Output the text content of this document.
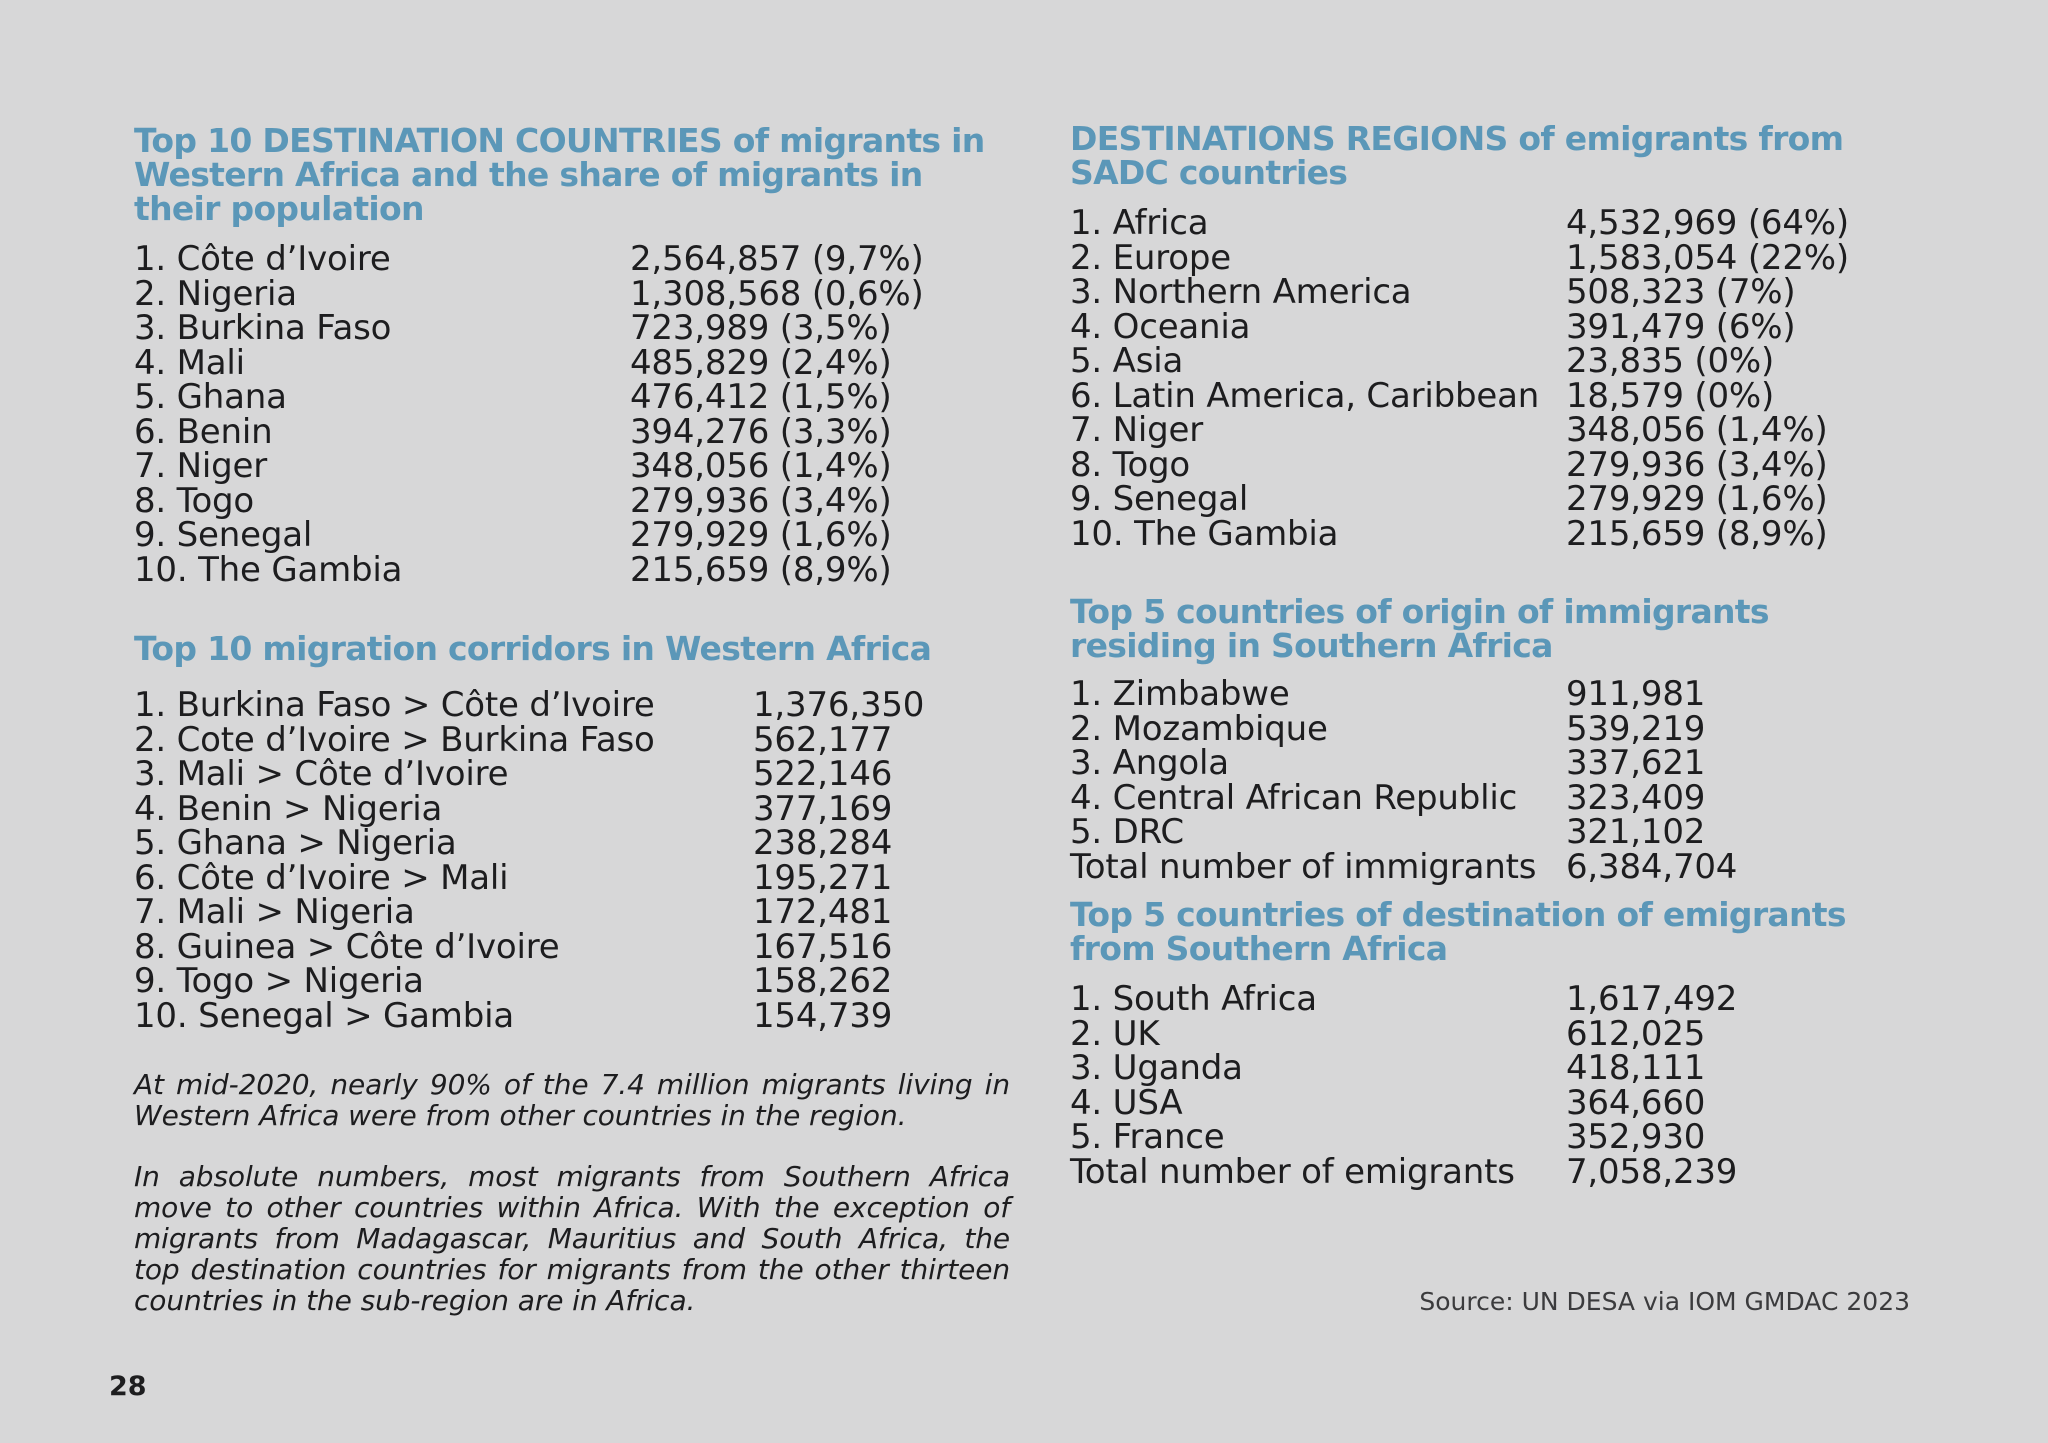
Top 10 DESTINATION COUNTRIES of migrants in Western Africa and the share of migrants in their population
1. Côte d’Ivoire	2,564,857 (9,7%)
2. Nigeria	1,308,568 (0,6%)
3. Burkina Faso	723,989 (3,5%)
4. Mali	485,829 (2,4%)
5. Ghana	476,412 (1,5%)
6. Benin	394,276 (3,3%)
7. Niger	348,056 (1,4%)
8. Togo	279,936 (3,4%)
9. Senegal	279,929 (1,6%)
10. The Gambia	215,659 (8,9%)
Top 10 migration corridors in Western Africa
1. Burkina Faso > Côte d’Ivoire	1,376,350
2. Cote d’Ivoire > Burkina Faso	562,177
3. Mali > Côte d’Ivoire	522,146
4. Benin > Nigeria	377,169
5. Ghana > Nigeria	238,284
6. Côte d’Ivoire > Mali	195,271
7. Mali > Nigeria	172,481
8. Guinea > Côte d’Ivoire	167,516
9. Togo > Nigeria	158,262
10. Senegal > Gambia	154,739

At mid-2020, nearly 90% of the 7.4 million migrants living in Western Africa were from other countries in the region.

In absolute numbers, most migrants from Southern Africa move to other countries within Africa. With the exception of migrants from Madagascar, Mauritius and South Africa, the top destination countries for migrants from the other thirteen countries in the sub-region are in Africa.

DESTINATIONS REGIONS of emigrants from SADC countries
1. Africa	4,532,969 (64%)
2. Europe	1,583,054 (22%)
3. Northern America	508,323 (7%)
4. Oceania	391,479 (6%)
5. Asia	23,835 (0%)
6. Latin America, Caribbean	18,579 (0%)
7. Niger	348,056 (1,4%)
8. Togo	279,936 (3,4%)
9. Senegal	279,929 (1,6%)
10. The Gambia	215,659 (8,9%)
Top 5 countries of origin of immigrants residing in Southern Africa
1. Zimbabwe	911,981
2. Mozambique	539,219
3. Angola	337,621
4. Central African Republic	323,409
5. DRC	321,102
Total number of immigrants	6,384,704
Top 5 countries of destination of emigrants from Southern Africa
1. South Africa	1,617,492
2. UK	612,025
3. Uganda	418,111
4. USA	364,660
5. France	352,930
Total number of emigrants	7,058,239
Source: UN DESA via IOM GMDAC 2023
28
